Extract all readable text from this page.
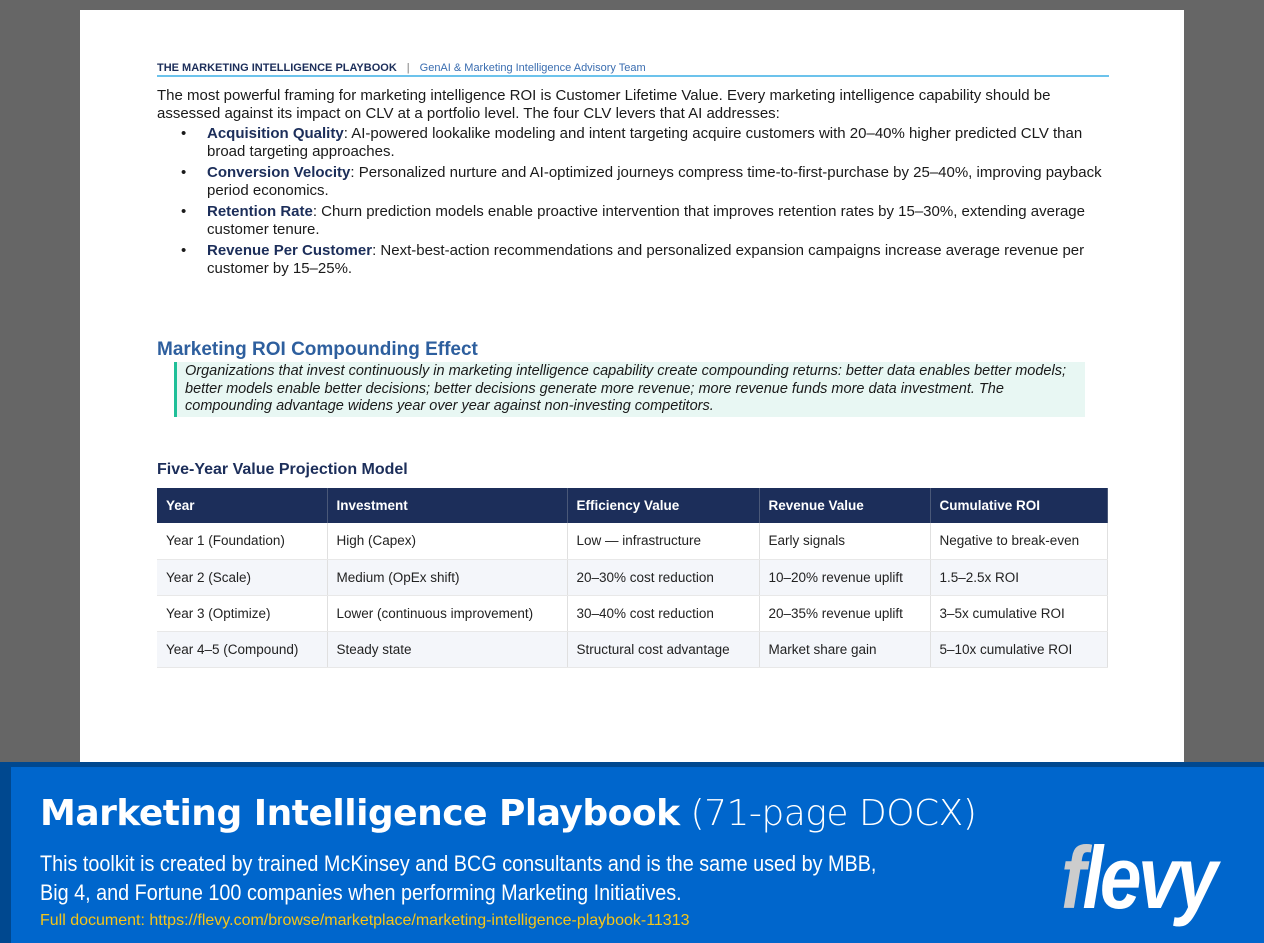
THE MARKETING INTELLIGENCE PLAYBOOK | GenAI & Marketing Intelligence Advisory Team

The most powerful framing for marketing intelligence ROI is Customer Lifetime Value. Every marketing intelligence capability should be assessed against its impact on CLV at a portfolio level. The four CLV levers that AI addresses:

• Acquisition Quality: AI-powered lookalike modeling and intent targeting acquire customers with 20–40% higher predicted CLV than broad targeting approaches.
• Conversion Velocity: Personalized nurture and AI-optimized journeys compress time-to-first-purchase by 25–40%, improving payback period economics.
• Retention Rate: Churn prediction models enable proactive intervention that improves retention rates by 15–30%, extending average customer tenure.
• Revenue Per Customer: Next-best-action recommendations and personalized expansion campaigns increase average revenue per customer by 15–25%.
Marketing ROI Compounding Effect
Organizations that invest continuously in marketing intelligence capability create compounding returns: better data enables better models; better models enable better decisions; better decisions generate more revenue; more revenue funds more data investment. The compounding advantage widens year over year against non-investing competitors.
Five-Year Value Projection Model
Year	Investment	Efficiency Value	Revenue Value	Cumulative ROI
Year 1 (Foundation)	High (Capex)	Low — infrastructure	Early signals	Negative to break-even
Year 2 (Scale)	Medium (OpEx shift)	20–30% cost reduction	10–20% revenue uplift	1.5–2.5x ROI
Year 3 (Optimize)	Lower (continuous improvement)	30–40% cost reduction	20–35% revenue uplift	3–5x cumulative ROI
Year 4–5 (Compound)	Steady state	Structural cost advantage	Market share gain	5–10x cumulative ROI
Marketing Intelligence Playbook (71-page DOCX)
This toolkit is created by trained McKinsey and BCG consultants and is the same used by MBB,
Big 4, and Fortune 100 companies when performing Marketing Initiatives.
Full document: https://flevy.com/browse/marketplace/marketing-intelligence-playbook-11313	flevy
